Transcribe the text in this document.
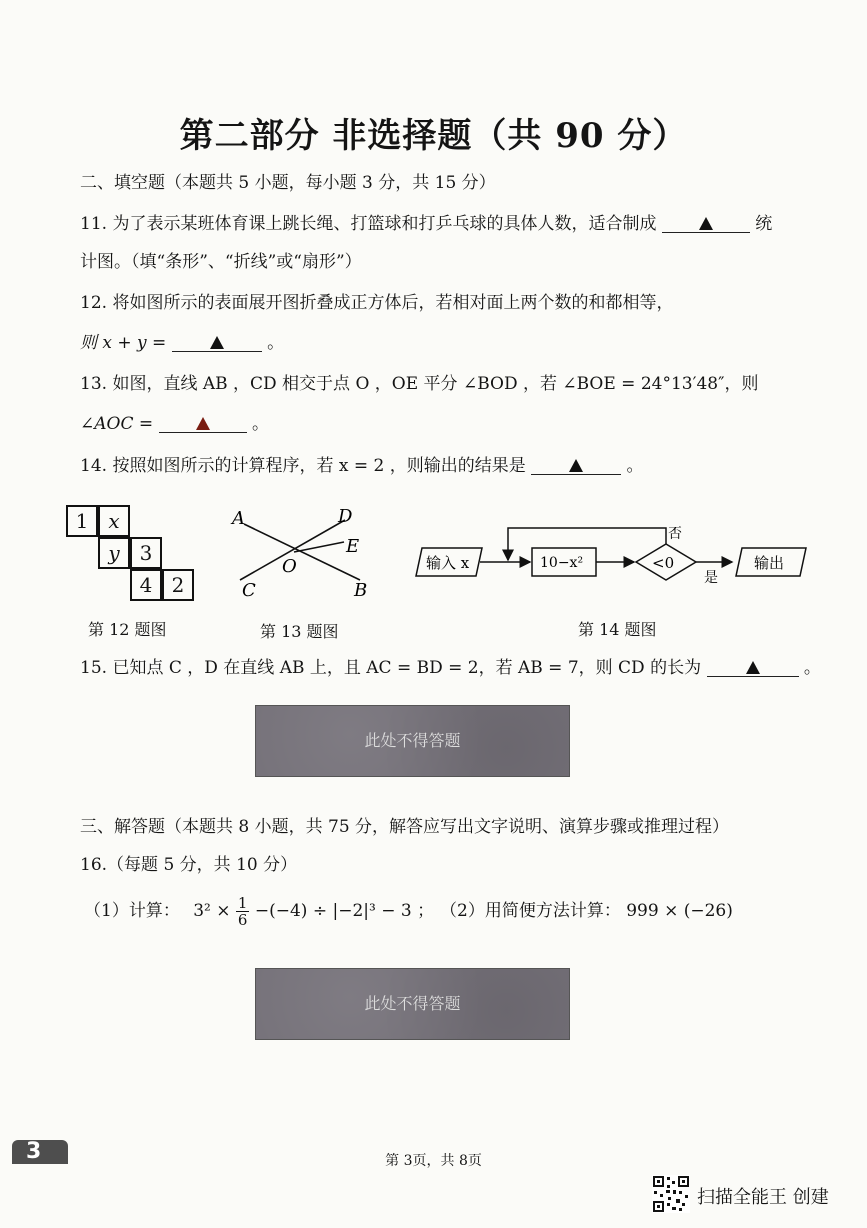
第二部分 非选择题（共 90 分）
二、填空题（本题共 5 小题，每小题 3 分，共 15 分）
11. 为了表示某班体育课上跳长绳、打篮球和打乒乓球的具体人数，适合制成	统
计图。（填“条形”、“折线”或“扇形”）
12. 将如图所示的表面展开图折叠成正方体后，若相对面上两个数的和都相等，
则 x + y =	。
13. 如图，直线 AB ，CD 相交于点 O ，OE 平分 ∠BOD ，若 ∠BOE = 24°13′48″，则
∠AOC =	。
14. 按照如图所示的计算程序，若 x = 2 ，则输出的结果是	。
1	x
y 3
4 2
第 12 题图
A	D
E
O
C	B
第 13 题图
输入 x	10−x²	<0
否
是
输出
第 14 题图
15. 已知点 C ，D 在直线 AB 上，且 AC = BD = 2，若 AB = 7，则 CD 的长为	。
此处不得答题
三、解答题（本题共 8 小题，共 75 分，解答应写出文字说明、演算步骤或推理过程）
16.（每题 5 分，共 10 分）
（1）计算： $3^2 \times \frac{1}{6} -(-4) \div |-2|^3 - 3$ ； （2）用简便方法计算： 999 × (−26)
此处不得答题
3	第 3页，共 8页
扫描全能王 创建
